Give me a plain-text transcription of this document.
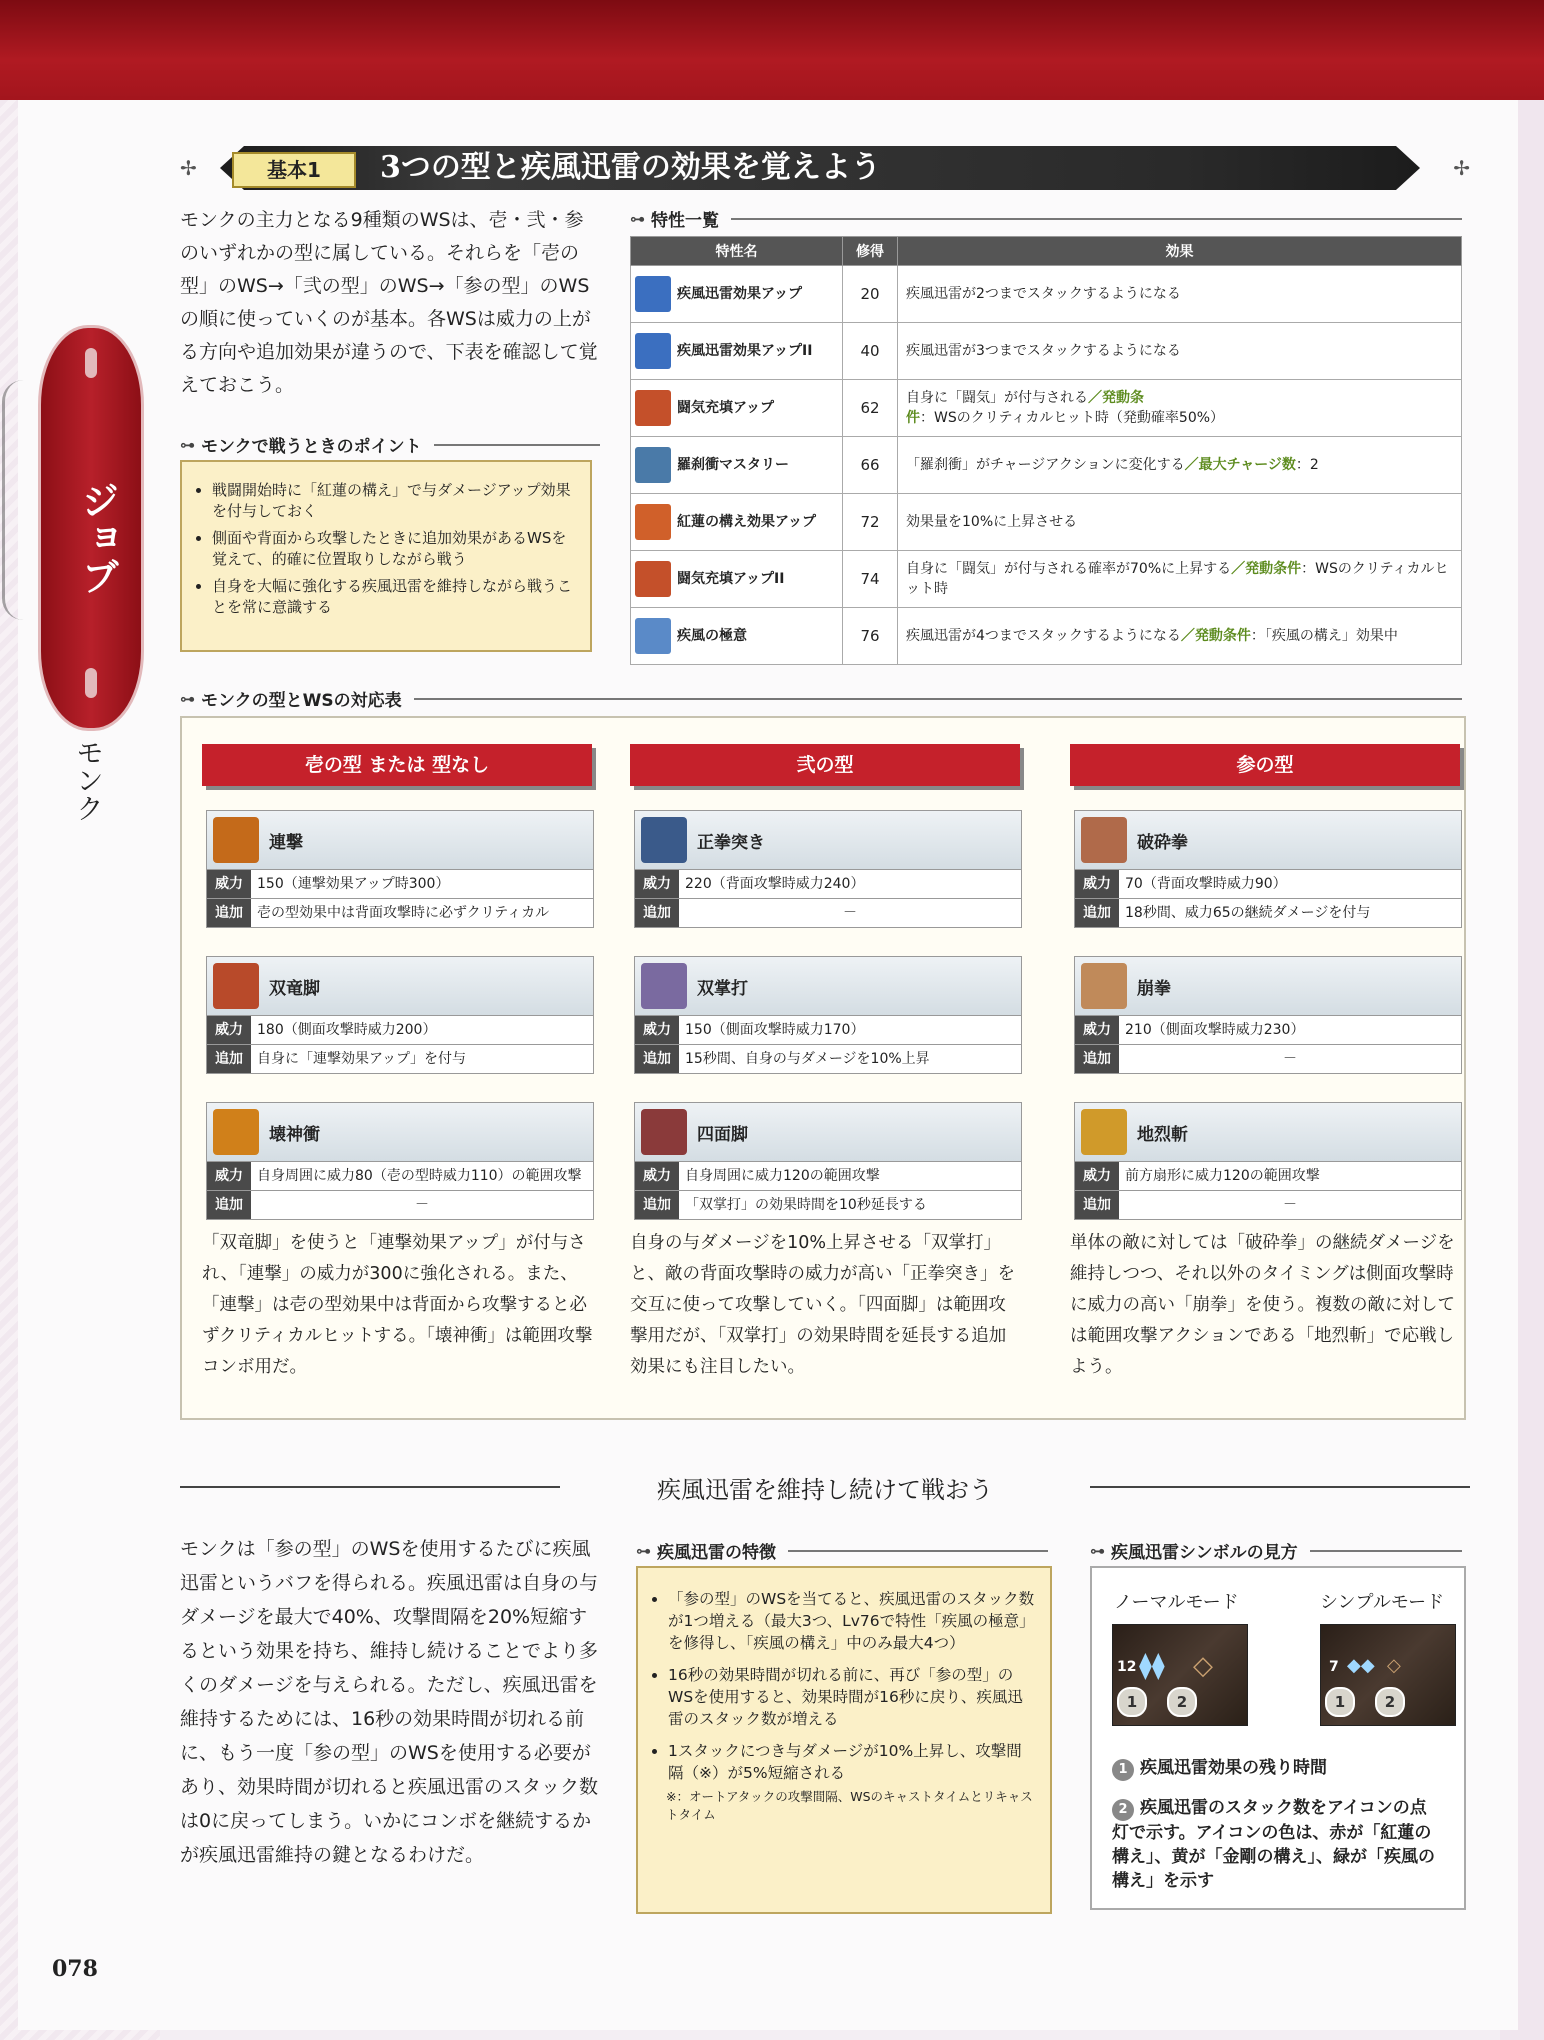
ジョブ
モンク
✢	基本1	3つの型と疾風迅雷の効果を覚えよう	✢
モンクの主力となる9種類のWSは、壱・弐・参のいずれかの型に属している。それらを「壱の型」のWS→「弐の型」のWS→「参の型」のWSの順に使っていくのが基本。各WSは威力の上がる方向や追加効果が違うので、下表を確認して覚えておこう。
⊶ モンクで戦うときのポイント
• 戦闘開始時に「紅蓮の構え」で与ダメージアップ効果を付与しておく
• 側面や背面から攻撃したときに追加効果があるWSを覚えて、的確に位置取りしながら戦う
• 自身を大幅に強化する疾風迅雷を維持しながら戦うことを常に意識する
⊶ 特性一覧
特性名	修得	効果
疾風迅雷効果アップ	20	疾風迅雷が2つまでスタックするようになる
疾風迅雷効果アップII	40	疾風迅雷が3つまでスタックするようになる
闘気充填アップ	62	自身に「闘気」が付与される／発動条件：WSのクリティカルヒット時（発動確率50%）
羅刹衝マスタリー	66	「羅刹衝」がチャージアクションに変化する／最大チャージ数：2
紅蓮の構え効果アップ	72	効果量を10%に上昇させる
闘気充填アップII	74	自身に「闘気」が付与される確率が70%に上昇する／発動条件：WSのクリティカルヒット時
疾風の極意	76	疾風迅雷が4つまでスタックするようになる／発動条件：「疾風の構え」効果中
⊶ モンクの型とWSの対応表
壱の型 または 型なし
連撃
威力	150（連撃効果アップ時300）
追加	壱の型効果中は背面攻撃時に必ずクリティカル
双竜脚
威力	180（側面攻撃時威力200）
追加	自身に「連撃効果アップ」を付与
壊神衝
威力	自身周囲に威力80（壱の型時威力110）の範囲攻撃
追加	－
「双竜脚」を使うと「連撃効果アップ」が付与され、「連撃」の威力が300に強化される。また、「連撃」は壱の型効果中は背面から攻撃すると必ずクリティカルヒットする。「壊神衝」は範囲攻撃コンボ用だ。
弐の型
正拳突き
威力	220（背面攻撃時威力240）
追加	－
双掌打
威力	150（側面攻撃時威力170）
追加	15秒間、自身の与ダメージを10%上昇
四面脚
威力	自身周囲に威力120の範囲攻撃
追加	「双掌打」の効果時間を10秒延長する
自身の与ダメージを10%上昇させる「双掌打」と、敵の背面攻撃時の威力が高い「正拳突き」を交互に使って攻撃していく。「四面脚」は範囲攻撃用だが、「双掌打」の効果時間を延長する追加効果にも注目したい。
参の型
破砕拳
威力	70（背面攻撃時威力90）
追加	18秒間、威力65の継続ダメージを付与
崩拳
威力	210（側面攻撃時威力230）
追加	－
地烈斬
威力	前方扇形に威力120の範囲攻撃
追加	－
単体の敵に対しては「破砕拳」の継続ダメージを維持しつつ、それ以外のタイミングは側面攻撃時に威力の高い「崩拳」を使う。複数の敵に対しては範囲攻撃アクションである「地烈斬」で応戦しよう。
疾風迅雷を維持し続けて戦おう
モンクは「参の型」のWSを使用するたびに疾風迅雷というバフを得られる。疾風迅雷は自身の与ダメージを最大で40%、攻撃間隔を20%短縮するという効果を持ち、維持し続けることでより多くのダメージを与えられる。ただし、疾風迅雷を維持するためには、16秒の効果時間が切れる前に、もう一度「参の型」のWSを使用する必要があり、効果時間が切れると疾風迅雷のスタック数は0に戻ってしまう。いかにコンボを継続するかが疾風迅雷維持の鍵となるわけだ。
⊶ 疾風迅雷の特徴
• 「参の型」のWSを当てると、疾風迅雷のスタック数が1つ増える（最大3つ、Lv76で特性「疾風の極意」を修得し、「疾風の構え」中のみ最大4つ）
• 16秒の効果時間が切れる前に、再び「参の型」のWSを使用すると、効果時間が16秒に戻り、疾風迅雷のスタック数が増える
• 1スタックにつき与ダメージが10%上昇し、攻撃間隔（※）が5%短縮される
※：オートアタックの攻撃間隔、WSのキャストタイムとリキャストタイム
⊶ 疾風迅雷シンボルの見方
ノーマルモード	シンプルモード
12 ⧫⧫ ◇
1	2
7 ◆◆ ◇
1	2
1 疾風迅雷効果の残り時間
2 疾風迅雷のスタック数をアイコンの点灯で示す。アイコンの色は、赤が「紅蓮の構え」、黄が「金剛の構え」、緑が「疾風の構え」を示す
078
